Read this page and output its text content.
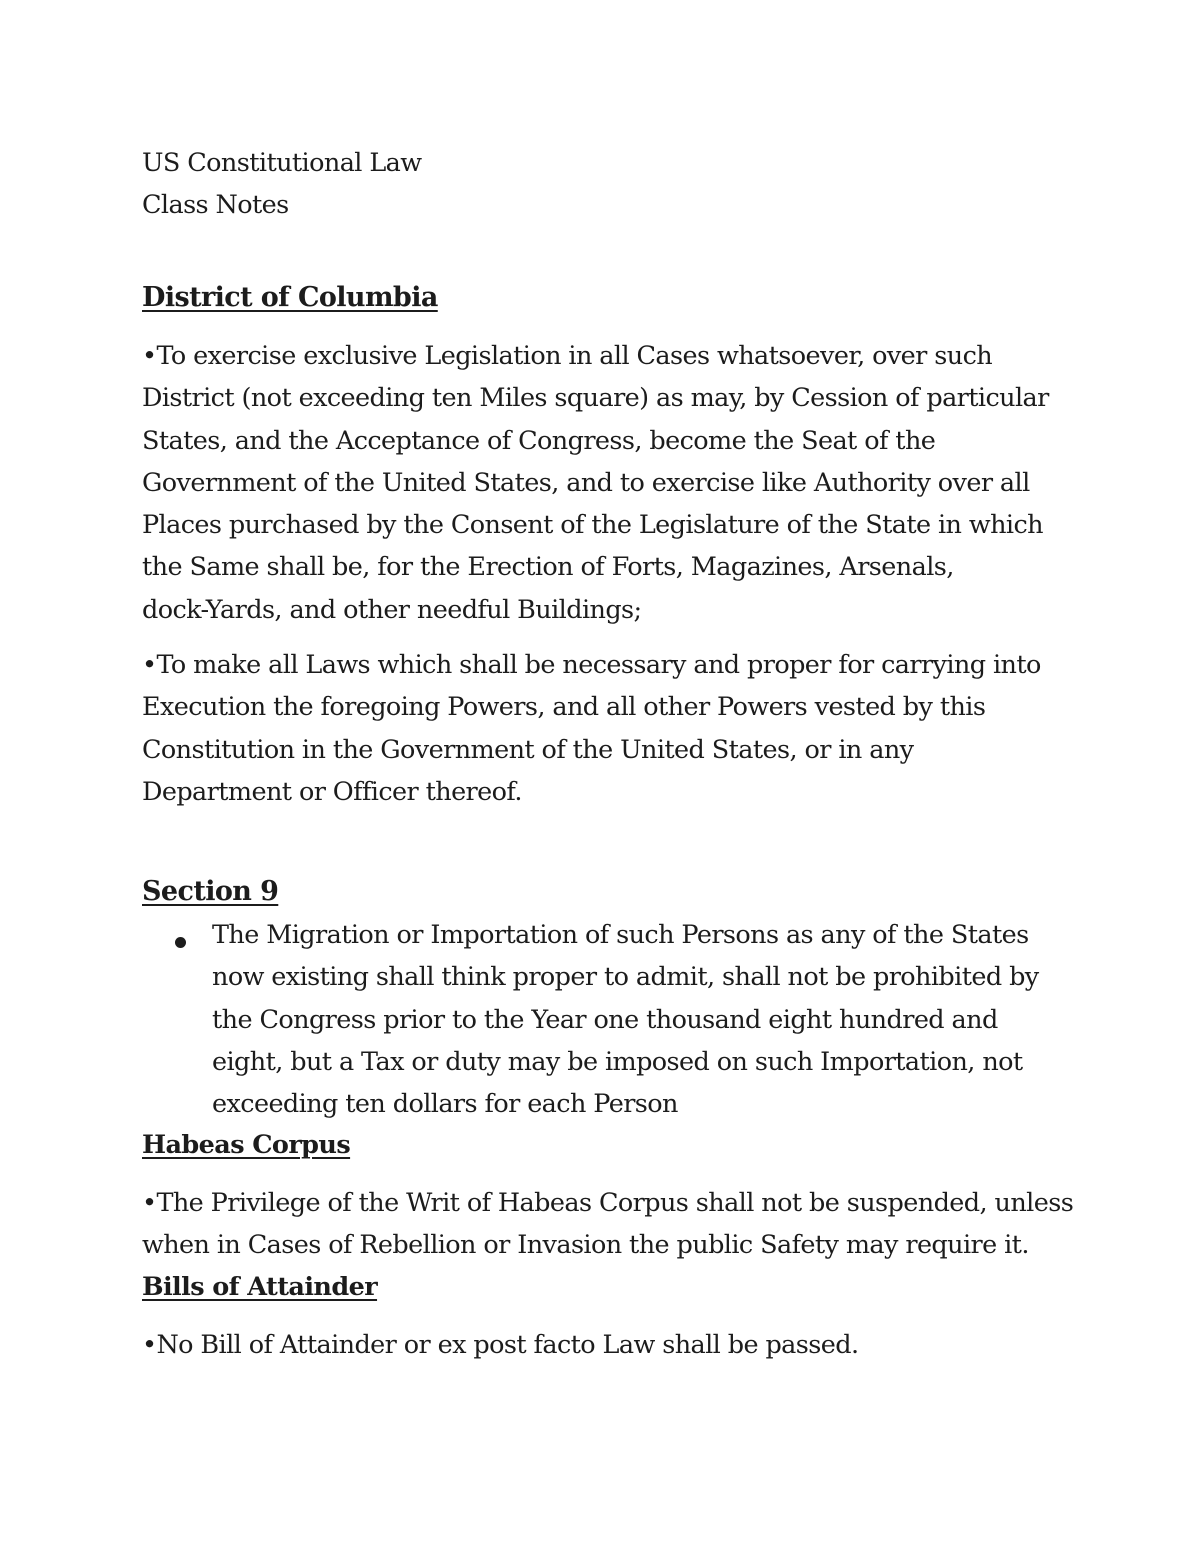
US Constitutional Law
Class Notes
District of Columbia
•To exercise exclusive Legislation in all Cases whatsoever, over such
District (not exceeding ten Miles square) as may, by Cession of particular
States, and the Acceptance of Congress, become the Seat of the
Government of the United States, and to exercise like Authority over all
Places purchased by the Consent of the Legislature of the State in which
the Same shall be, for the Erection of Forts, Magazines, Arsenals,
dock-Yards, and other needful Buildings;
•To make all Laws which shall be necessary and proper for carrying into
Execution the foregoing Powers, and all other Powers vested by this
Constitution in the Government of the United States, or in any
Department or Officer thereof.
Section 9
The Migration or Importation of such Persons as any of the States
now existing shall think proper to admit, shall not be prohibited by
the Congress prior to the Year one thousand eight hundred and
eight, but a Tax or duty may be imposed on such Importation, not
exceeding ten dollars for each Person
Habeas Corpus
•The Privilege of the Writ of Habeas Corpus shall not be suspended, unless
when in Cases of Rebellion or Invasion the public Safety may require it.
Bills of Attainder
•No Bill of Attainder or ex post facto Law shall be passed.
